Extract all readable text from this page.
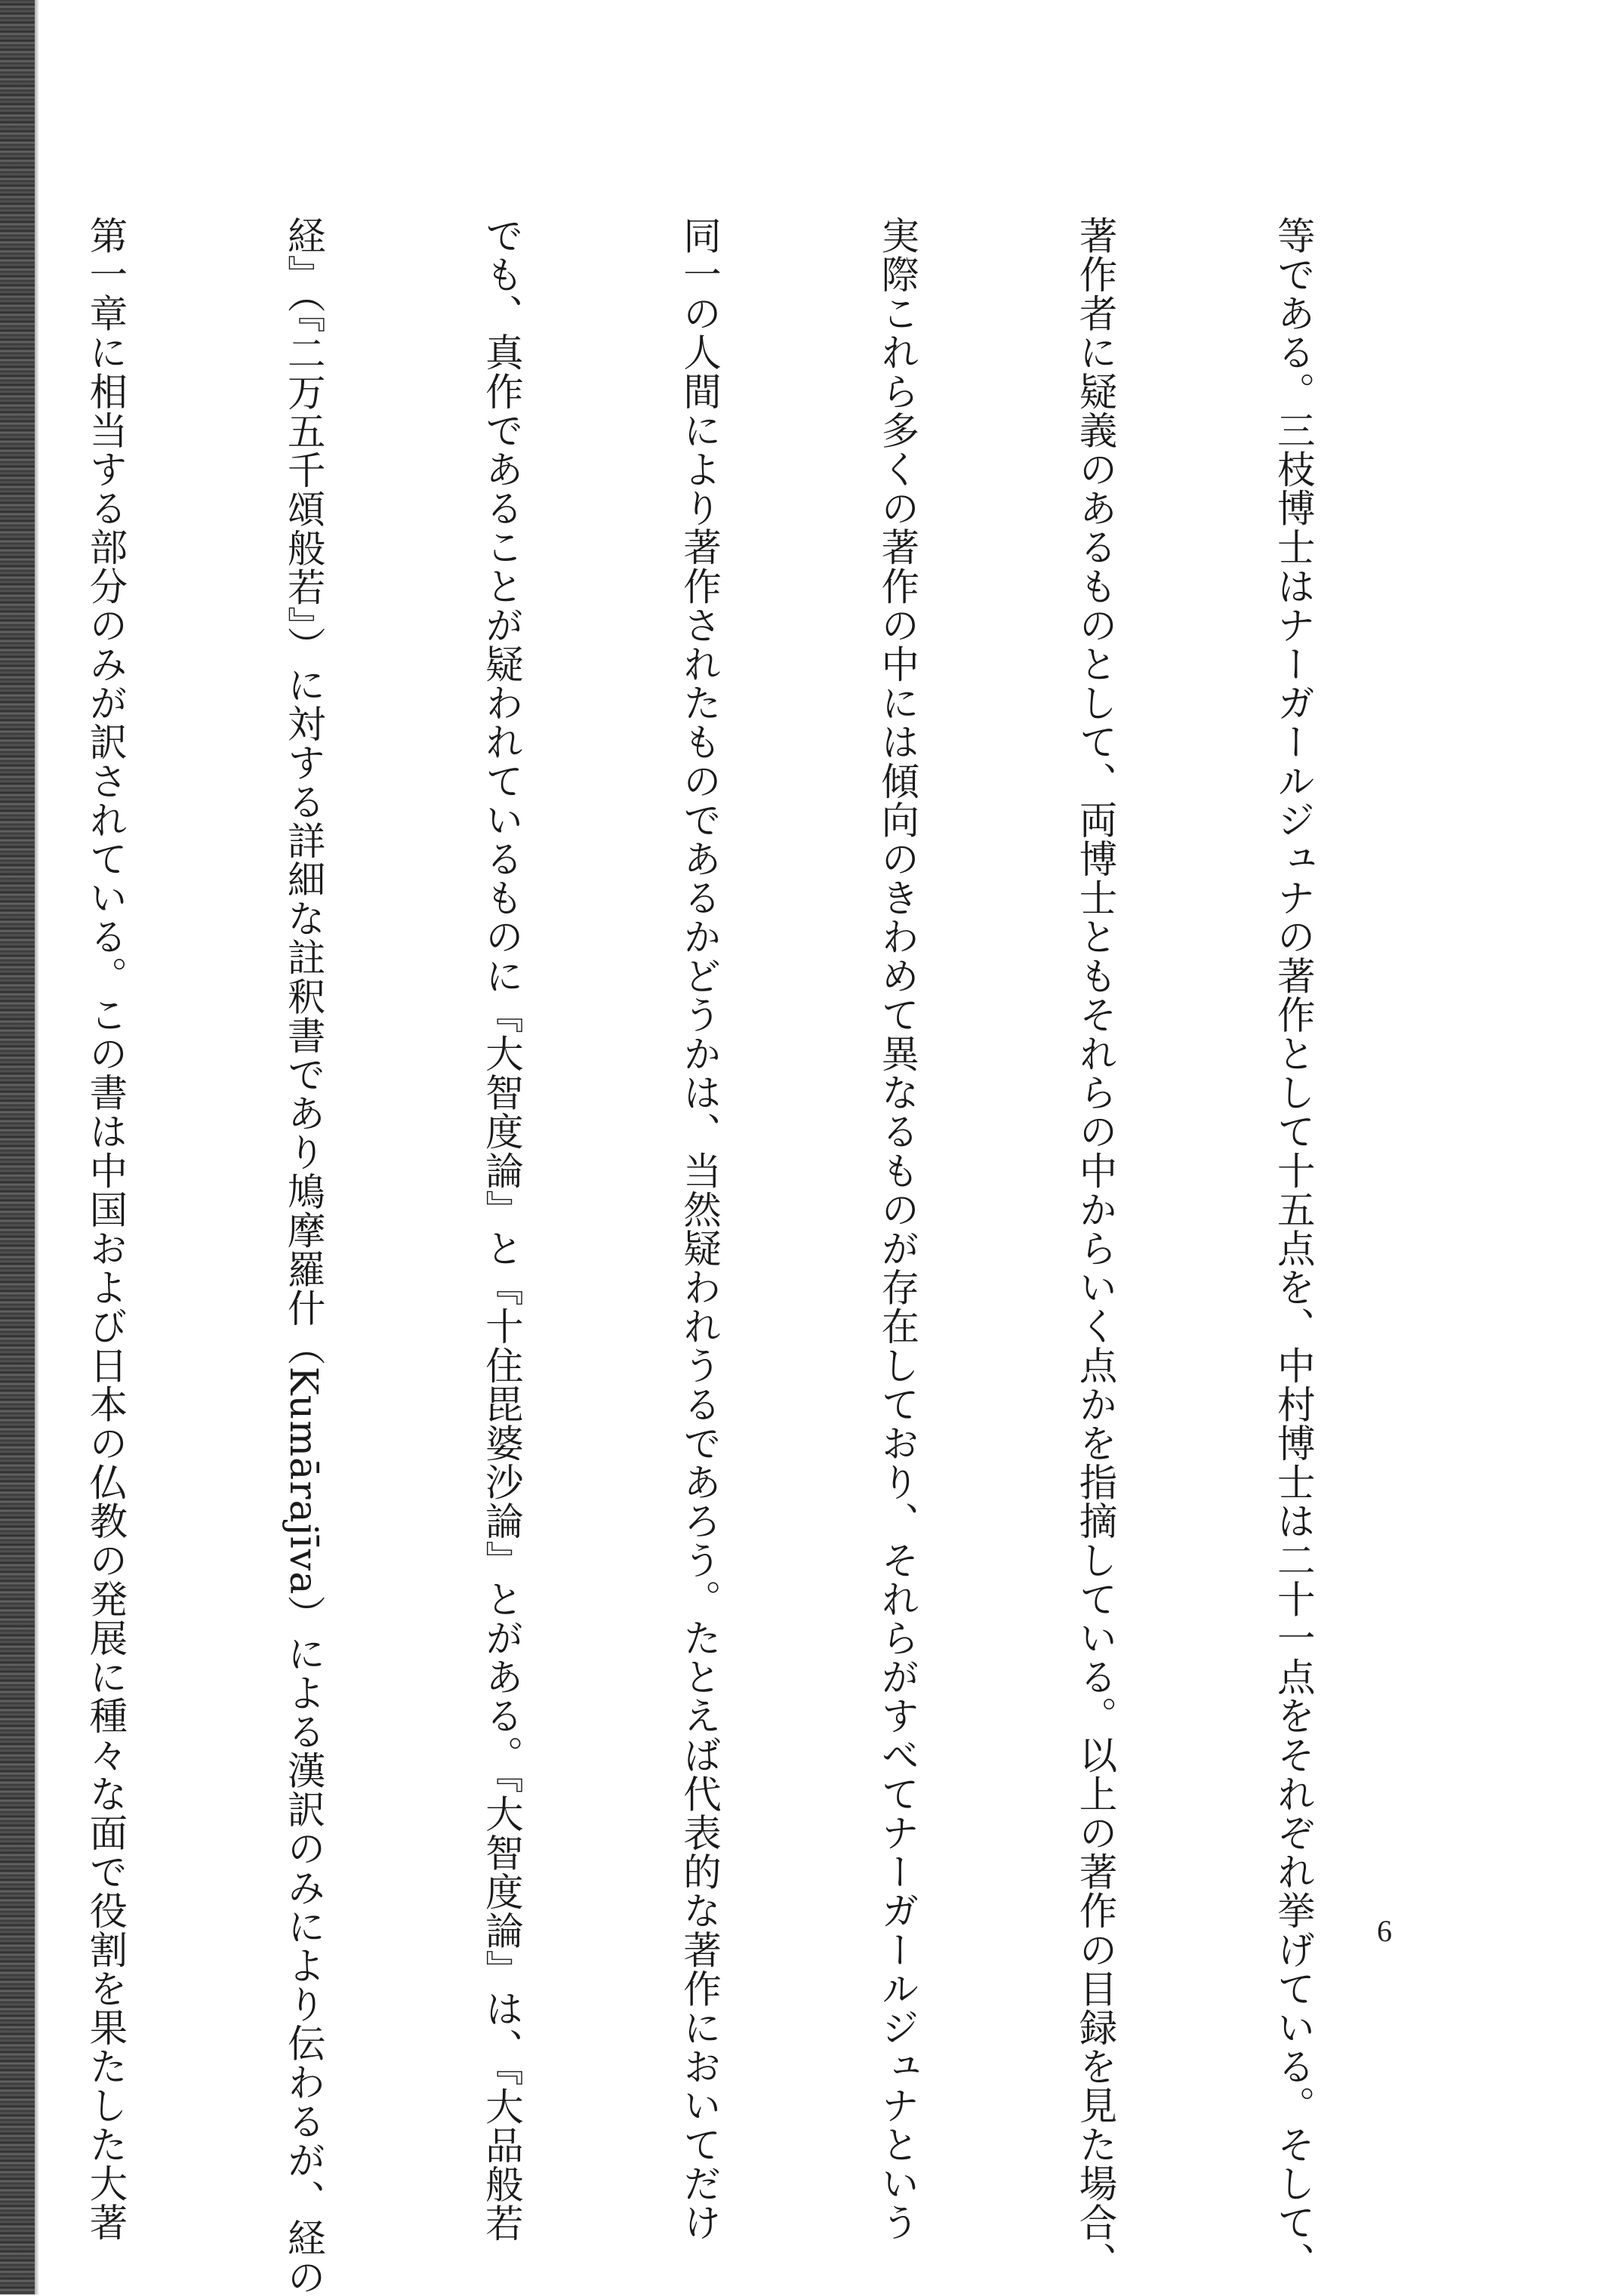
等である。三枝博士はナーガールジュナの著作として十五点を、中村博士は二十一点をそれぞれ挙げている。そして、

著作者に疑義のあるものとして、両博士ともそれらの中からいく点かを指摘している。以上の著作の目録を見た場合、

実際これら多くの著作の中には傾向のきわめて異なるものが存在しており、それらがすべてナーガールジュナという

同一の人間により著作されたものであるかどうかは、当然疑われうるであろう。たとえば代表的な著作においてだけ

でも、真作であることが疑われているものに『大智度論』と『十住毘婆沙論』とがある。『大智度論』は、『大品般若

経』（『二万五千頌般若』）に対する詳細な註釈書であり鳩摩羅什（Kumārajīva）による漢訳のみにより伝わるが、経の

第一章に相当する部分のみが訳されている。この書は中国および日本の仏教の発展に種々な面で役割を果たした大著

	6
